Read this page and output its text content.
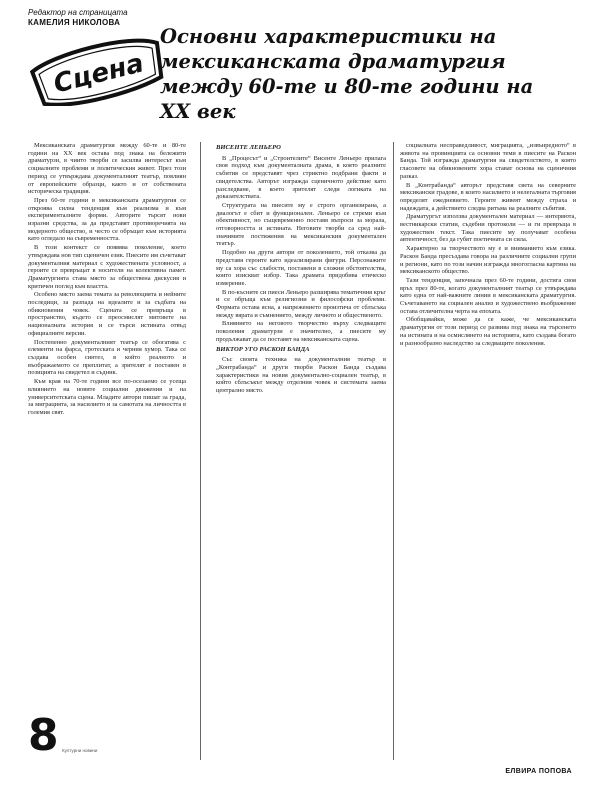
Редактор на страницата
КАМЕЛИЯ НИКОЛОВА
Сцена
Основни характеристики на мексиканската драматургия между 60-те и 80-те години на XX век

Мексиканската драматургия между 60-те и 80-те години на XX век остава под знака на бележити драматурзи, в чиито творби се засилва интересът към социалните проблеми и политическия живот. През този период се утвърждава документалният театър, повлиян от европейските образци, както и от собствената историческа традиция.

През 60-те години в мексиканската драматургия се откроява силна тенденция към реализма и към експерименталните форми. Авторите търсят нови изразни средства, за да представят противоречията на модерното общество, и често се обръщат към историята като огледало на съвременността.

В този контекст се появява поколение, което утвърждава нов тип сценичен език. Пиесите им съчетават документалния материал с художествената условност, а героите се превръщат в носители на колективна памет. Драматургията става място за обществена дискусия и критичен поглед към властта.

Особено място заема темата за революцията и нейните последици, за разпада на идеалите и за съдбата на обикновения човек. Сцената се превръща в пространство, където се преосмислят митовете на националната история и се търси истината отвъд официалните версии.

Постепенно документалният театър се обогатява с елементи на фарса, гротеската и черния хумор. Така се създава особен синтез, в който реалното и въображаемото се преплитат, а зрителят е поставен в позицията на свидетел и съдник.

Към края на 70-те години все по-осезаемо се усеща влиянието на новите социални движения и на университетската сцена. Младите автори пишат за града, за миграцията, за насилието и за самотата на личността в големия свят.

ВИСЕНТЕ ЛЕНЬЕРО

В „Процесът“ и „Строителите“ Висенте Леньеро прилага своя подход към документалната драма, в която реалните събития се представят чрез стриктно подбрани факти и свидетелства. Авторът изгражда сценичното действие като разследване, в което зрителят следи логиката на доказателствата.

Структурата на пиесите му е строго организирана, а диалогът е сбит и функционален. Леньеро се стреми към обективност, но същевременно поставя въпроси за морала, отговорността и истината. Неговите творби са сред най-значимите постижения на мексиканския документален театър.

Подобно на други автори от поколението, той отказва да представя героите като идеализирани фигури. Персонажите му са хора със слабости, поставени в сложни обстоятелства, които изискват избор. Така драмата придобива етическо измерение.

В по-късните си пиеси Леньеро разширява тематичния кръг и се обръща към религиозни и философски проблеми. Формата остава ясна, а напрежението произтича от сблъсъка между вярата и съмнението, между личното и общественото.

Влиянието на неговото творчество върху следващите поколения драматурзи е значително, а пиесите му продължават да се поставят на мексиканската сцена.

ВИКТОР УГО РАСКОН БАНДА

Със своята техника на документалния театър в „Контрабанда“ и други творби Раскон Банда създава характеристики на новия документално-социален театър, в който сблъсъкът между отделния човек и системата заема централно място.

социалната несправедливост, миграцията, „извънредното“ в живота на провинцията са основни теми в пиесите на Раскон Банда. Той изгражда драматургия на свидетелството, в която гласовете на обикновените хора стават основа на сценичния разказ.

В „Контрабанда“ авторът представя света на северните мексикански градове, в които насилието и нелегалната търговия определят ежедневието. Героите живеят между страха и надеждата, а действието следва ритъма на реалните събития.

Драматургът използва документален материал — интервюта, вестникарски статии, съдебни протоколи — и ги превръща в художествен текст. Така пиесите му получават особена автентичност, без да губят поетичната си сила.

Характерно за творчеството му е и вниманието към езика. Раскон Банда пресъздава говора на различните социални групи и региони, като по този начин изгражда многогласна картина на мексиканското общество.

Тази тенденция, започнала през 60-те години, достига своя връх през 80-те, когато документалният театър се утвърждава като една от най-важните линии в мексиканската драматургия. Съчетаването на социален анализ и художествено въображение остава отличителна черта на епохата.

Обобщавайки, може да се каже, че мексиканската драматургия от този период се развива под знака на търсенето на истината и на осмислянето на историята, като създава богато и разнообразно наследство за следващите поколения.

8 Културни новини
ЕЛВИРА ПОПОВА
